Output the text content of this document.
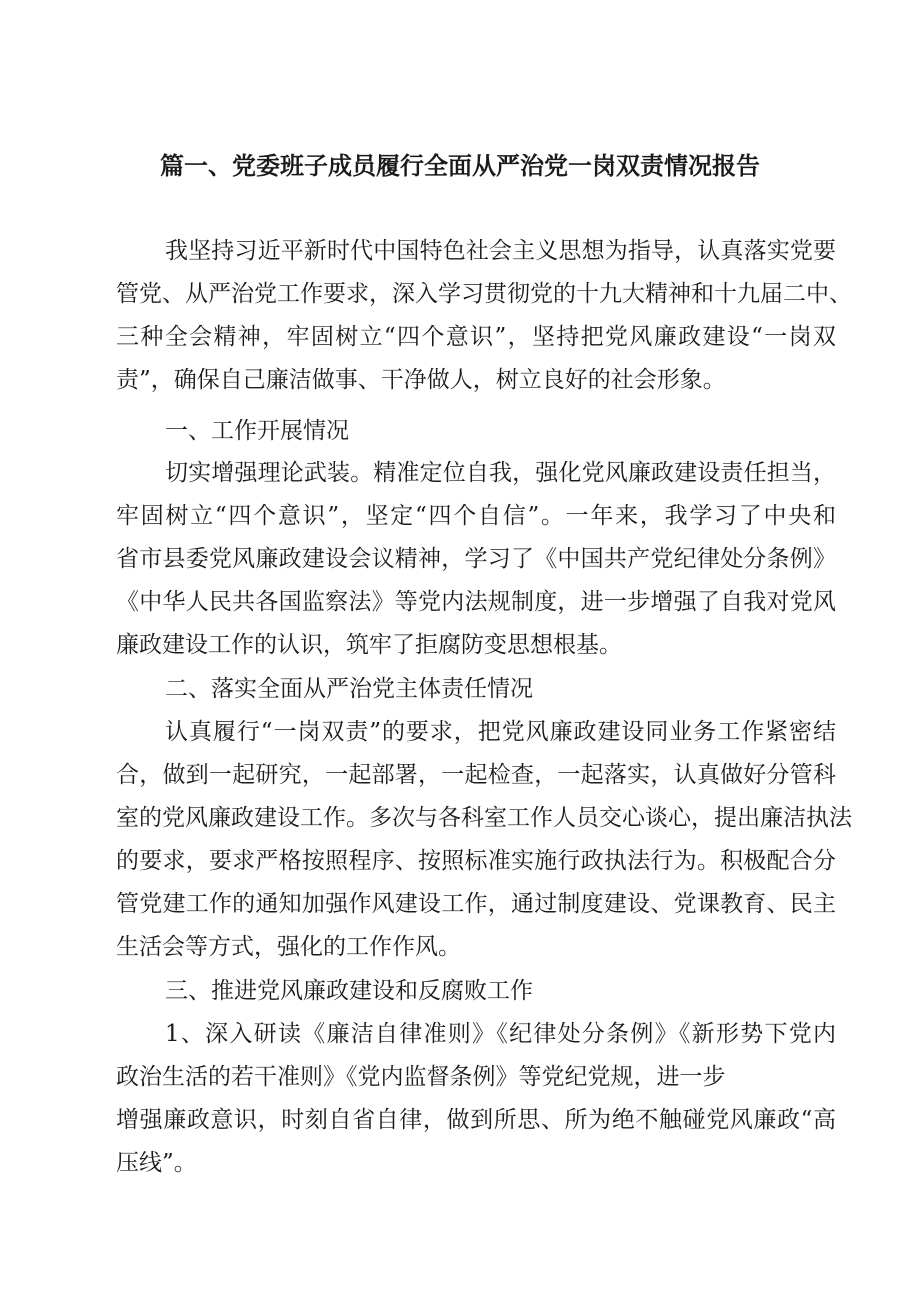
篇一、党委班子成员履行全面从严治党一岗双责情况报告

我坚持习近平新时代中国特色社会主义思想为指导，认真落实党要

管党、从严治党工作要求，深入学习贯彻党的十九大精神和十九届二中、

三种全会精神，牢固树立“四个意识”，坚持把党风廉政建设“一岗双

责”，确保自己廉洁做事、干净做人，树立良好的社会形象。

一、工作开展情况

切实增强理论武装。精准定位自我，强化党风廉政建设责任担当，

牢固树立“四个意识”，坚定“四个自信”。一年来，我学习了中央和

省市县委党风廉政建设会议精神，学习了《中国共产党纪律处分条例》

《中华人民共各国监察法》等党内法规制度，进一步增强了自我对党风

廉政建设工作的认识，筑牢了拒腐防变思想根基。

二、落实全面从严治党主体责任情况

认真履行“一岗双责”的要求，把党风廉政建设同业务工作紧密结

合，做到一起研究，一起部署，一起检查，一起落实，认真做好分管科

室的党风廉政建设工作。多次与各科室工作人员交心谈心，提出廉洁执法

的要求，要求严格按照程序、按照标准实施行政执法行为。积极配合分

管党建工作的通知加强作风建设工作，通过制度建设、党课教育、民主

生活会等方式，强化的工作作风。

三、推进党风廉政建设和反腐败工作

1、深入研读《廉洁自律准则》《纪律处分条例》《新形势下党内

政治生活的若干准则》《党内监督条例》等党纪党规，进一步

增强廉政意识，时刻自省自律，做到所思、所为绝不触碰党风廉政“高

压线”。
